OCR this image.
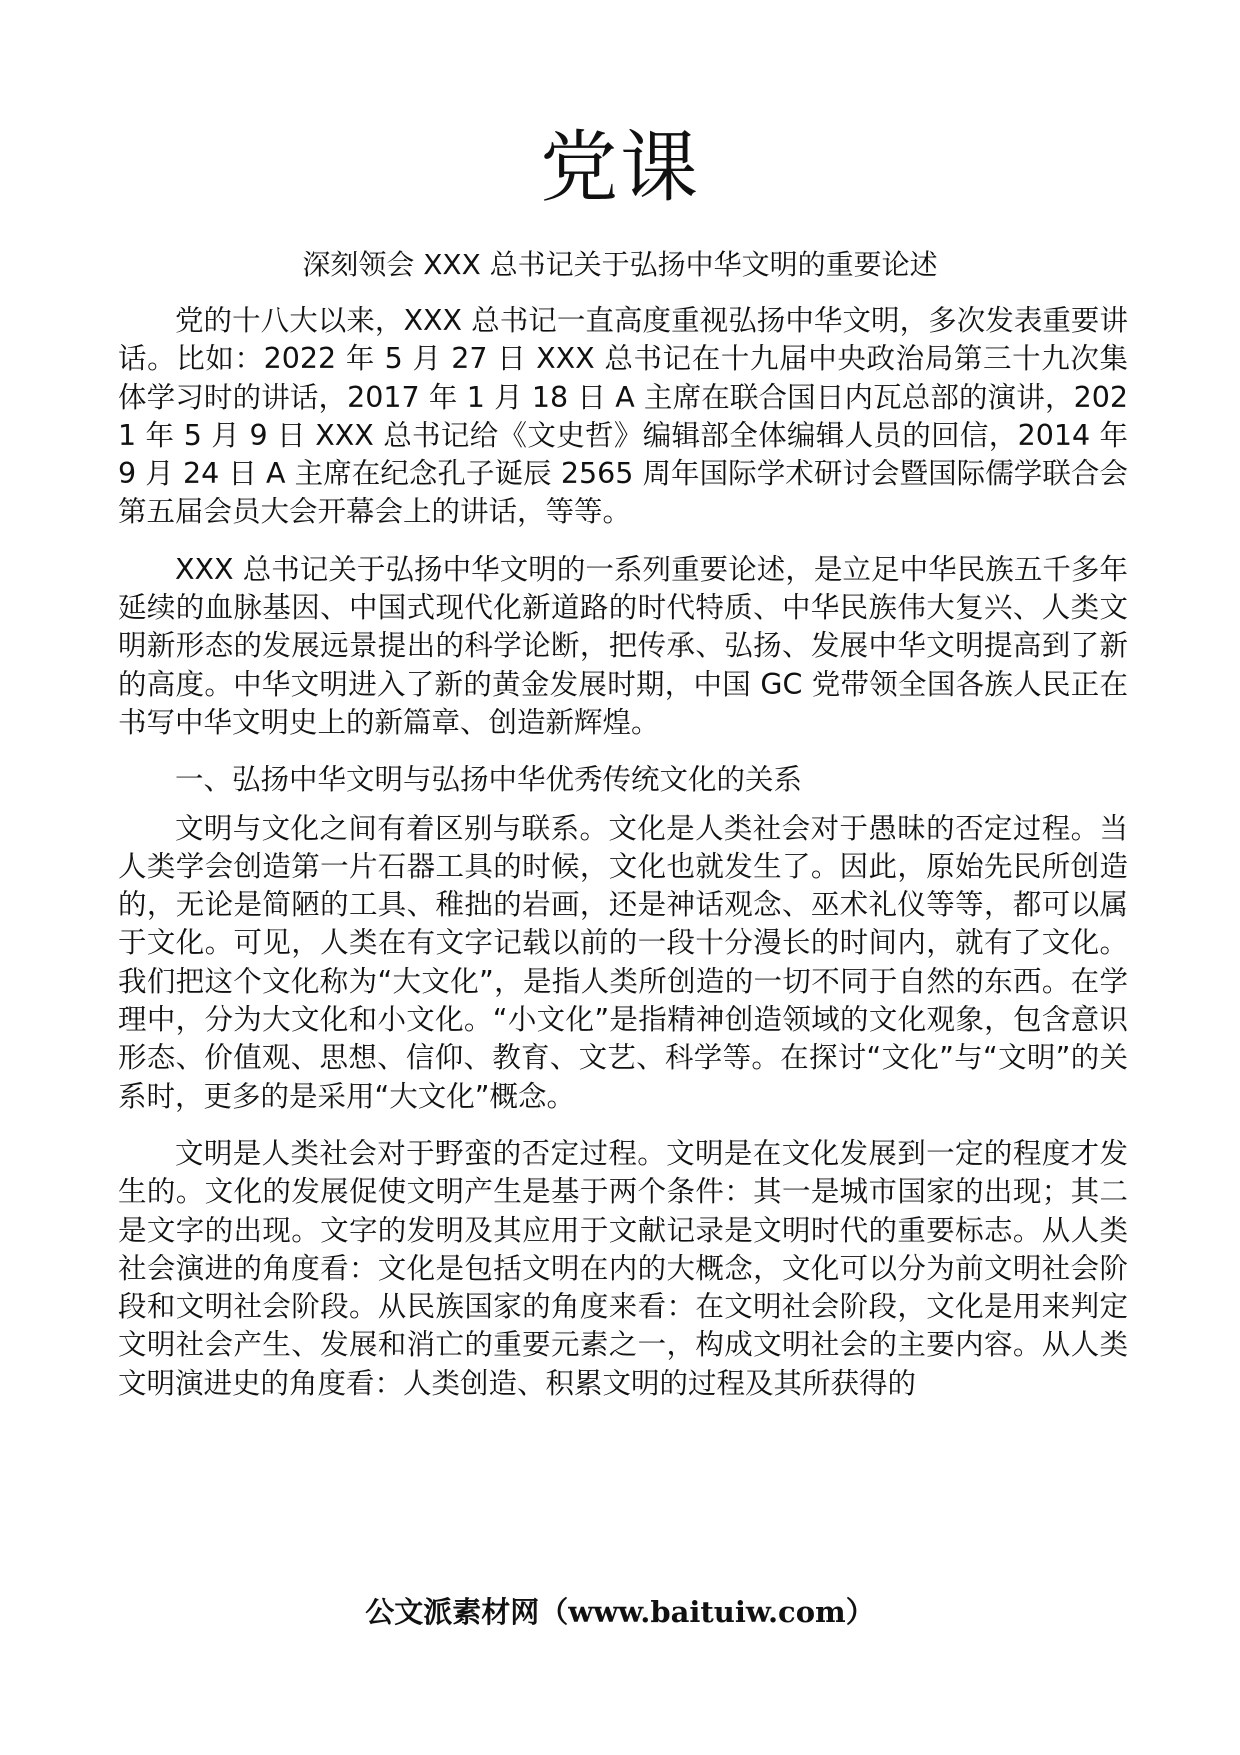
党课

深刻领会 XXX 总书记关于弘扬中华文明的重要论述

党的十八大以来，XXX 总书记一直高度重视弘扬中华文明，多次发表重要讲话。比如：2022 年 5 月 27 日 XXX 总书记在十九届中央政治局第三十九次集体学习时的讲话，2017 年 1 月 18 日 A 主席在联合国日内瓦总部的演讲，2021 年 5 月 9 日 XXX 总书记给《文史哲》编辑部全体编辑人员的回信，2014 年 9 月 24 日 A 主席在纪念孔子诞辰 2565 周年国际学术研讨会暨国际儒学联合会第五届会员大会开幕会上的讲话，等等。

XXX 总书记关于弘扬中华文明的一系列重要论述，是立足中华民族五千多年延续的血脉基因、中国式现代化新道路的时代特质、中华民族伟大复兴、人类文明新形态的发展远景提出的科学论断，把传承、弘扬、发展中华文明提高到了新的高度。中华文明进入了新的黄金发展时期，中国 GC 党带领全国各族人民正在书写中华文明史上的新篇章、创造新辉煌。

一、弘扬中华文明与弘扬中华优秀传统文化的关系

文明与文化之间有着区别与联系。文化是人类社会对于愚昧的否定过程。当人类学会创造第一片石器工具的时候，文化也就发生了。因此，原始先民所创造的，无论是简陋的工具、稚拙的岩画，还是神话观念、巫术礼仪等等，都可以属于文化。可见，人类在有文字记载以前的一段十分漫长的时间内，就有了文化。我们把这个文化称为“大文化”，是指人类所创造的一切不同于自然的东西。在学理中，分为大文化和小文化。“小文化”是指精神创造领域的文化观象，包含意识形态、价值观、思想、信仰、教育、文艺、科学等。在探讨“文化”与“文明”的关系时，更多的是采用“大文化”概念。

文明是人类社会对于野蛮的否定过程。文明是在文化发展到一定的程度才发生的。文化的发展促使文明产生是基于两个条件：其一是城市国家的出现；其二是文字的出现。文字的发明及其应用于文献记录是文明时代的重要标志。从人类社会演进的角度看：文化是包括文明在内的大概念，文化可以分为前文明社会阶段和文明社会阶段。从民族国家的角度来看：在文明社会阶段，文化是用来判定文明社会产生、发展和消亡的重要元素之一，构成文明社会的主要内容。从人类文明演进史的角度看：人类创造、积累文明的过程及其所获得的

公文派素材网（www.baituiw.com）
